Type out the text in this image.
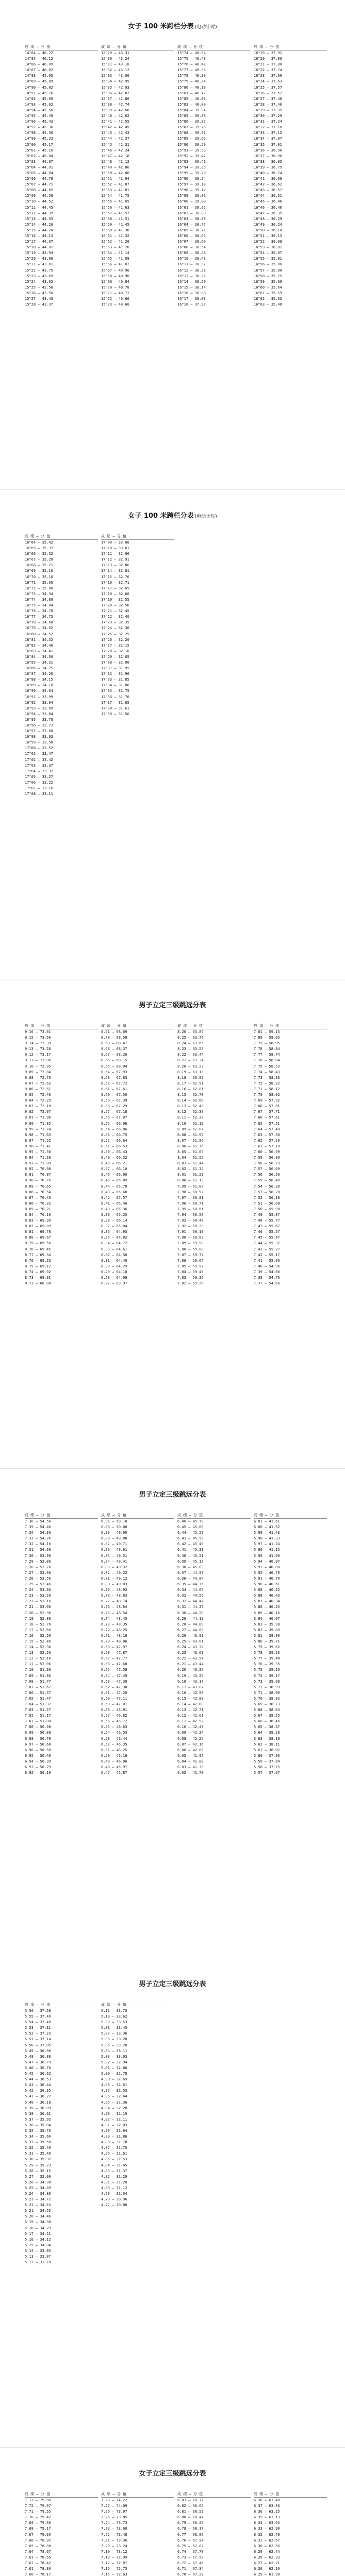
女子 100 米跨栏分表 (电动计时)
成 绩 — 分 值
14"84 — 46.22
14"85 — 46.15
14"86 — 46.09
14"87 — 46.02
14"88 — 45.95
14"89 — 45.89
14"90 — 45.82
14"91 — 45.76
14"92 — 45.69
14"93 — 45.62
14"94 — 45.56
14"95 — 45.49
14"96 — 45.43
14"97 — 45.36
14"98 — 45.30
14"99 — 45.23
15"00 — 45.17
15"01 — 45.10
15"02 — 45.04
15"03 — 44.97
15"04 — 44.91
15"05 — 44.84
15"06 — 44.78
15"07 — 44.71
15"08 — 44.65
15"09 — 44.58
15"10 — 44.52
15"11 — 44.45
15"12 — 44.39
15"13 — 44.33
15"14 — 44.26
15"15 — 44.20
15"16 — 44.13
15"17 — 44.07
15"18 — 44.01
15"19 — 43.94
15"20 — 43.88
15"21 — 43.81
15"22 — 43.75
15"23 — 43.69
15"24 — 43.62
15"25 — 43.56
15"26 — 43.50
15"27 — 43.43
15"28 — 43.37
成 绩 — 分 值
15"29 — 43.31
15"30 — 43.24
15"31 — 43.18
15"32 — 43.12
15"33 — 43.06
15"34 — 42.99
15"35 — 42.93
15"36 — 42.87
15"37 — 42.80
15"38 — 42.74
15"39 — 42.68
15"40 — 42.62
15"41 — 42.55
15"42 — 42.49
15"43 — 42.43
15"44 — 42.37
15"45 — 42.31
15"46 — 42.24
15"47 — 42.18
15"48 — 42.12
15"49 — 42.06
15"50 — 42.00
15"51 — 41.94
15"52 — 41.87
15"53 — 41.81
15"54 — 41.75
15"55 — 41.69
15"56 — 41.63
15"57 — 41.57
15"58 — 41.51
15"59 — 41.45
15"60 — 41.38
15"61 — 41.32
15"62 — 41.26
15"63 — 41.20
15"64 — 41.14
15"65 — 41.08
15"66 — 41.02
15"67 — 40.96
15"68 — 40.90
15"69 — 40.84
15"70 — 40.78
15"71 — 40.72
15"72 — 40.66
15"73 — 40.60
成 绩 — 分 值
15"74 — 40.54
15"75 — 40.48
15"76 — 40.42
15"77 — 40.36
15"78 — 40.30
15"79 — 40.24
15"80 — 40.18
15"81 — 40.12
15"82 — 40.06
15"83 — 40.00
15"84 — 39.94
15"85 — 39.88
15"86 — 39.82
15"87 — 39.76
15"88 — 39.71
15"89 — 39.65
15"90 — 39.59
15"91 — 39.53
15"92 — 39.47
15"93 — 39.41
15"94 — 39.35
15"95 — 39.29
15"96 — 39.24
15"97 — 39.18
15"98 — 39.12
15"99 — 39.06
16"00 — 39.00
16"01 — 38.95
16"02 — 38.89
16"03 — 38.83
16"04 — 38.77
16"05 — 38.71
16"06 — 38.66
16"07 — 38.60
16"08 — 38.54
16"09 — 38.48
16"10 — 38.43
16"11 — 38.37
16"12 — 38.31
16"13 — 38.25
16"14 — 38.20
16"15 — 38.14
16"16 — 38.08
16"17 — 38.03
16"18 — 37.97
成 绩 — 分 值
16"19 — 37.91
16"20 — 37.86
16"21 — 37.80
16"22 — 37.74
16"23 — 37.69
16"24 — 37.63
16"25 — 37.57
16"26 — 37.52
16"27 — 37.46
16"28 — 37.40
16"29 — 37.35
16"30 — 37.29
16"31 — 37.24
16"32 — 37.18
16"33 — 37.12
16"34 — 37.07
16"35 — 37.01
16"36 — 36.96
16"37 — 36.90
16"38 — 36.85
16"39 — 36.79
16"40 — 36.74
16"41 — 36.68
16"42 — 36.62
16"43 — 36.57
16"44 — 36.51
16"45 — 36.46
16"46 — 36.40
16"47 — 36.35
16"48 — 36.29
16"49 — 36.24
16"50 — 36.18
16"51 — 36.13
16"52 — 36.08
16"53 — 36.02
16"54 — 35.97
16"55 — 35.91
16"56 — 35.86
16"57 — 35.80
16"58 — 35.75
16"59 — 35.69
16"60 — 35.64
16"61 — 35.59
16"62 — 35.53
16"63 — 35.48
女子 100 米跨栏分表 (电动计时)
成 绩 — 分 值
16"64 — 35.42
16"65 — 35.37
16"66 — 35.32
16"67 — 35.26
16"68 — 35.21
16"69 — 35.16
16"70 — 35.10
16"71 — 35.05
16"72 — 35.00
16"73 — 34.94
16"74 — 34.89
16"75 — 34.84
16"76 — 34.78
16"77 — 34.73
16"78 — 34.68
16"79 — 34.62
16"80 — 34.57
16"81 — 34.52
16"82 — 34.46
16"83 — 34.41
16"84 — 34.36
16"85 — 34.31
16"86 — 34.25
16"87 — 34.20
16"88 — 34.15
16"89 — 34.10
16"90 — 34.04
16"91 — 33.99
16"92 — 33.94
16"93 — 33.89
16"94 — 33.84
16"95 — 33.78
16"96 — 33.73
16"97 — 33.68
16"98 — 33.63
16"99 — 33.58
17"00 — 33.52
17"01 — 33.47
17"02 — 33.42
17"03 — 33.37
17"04 — 33.32
17"05 — 33.27
17"06 — 33.22
17"07 — 33.16
17"08 — 33.11
成 绩 — 分 值
17"09 — 33.06
17"10 — 33.01
17"11 — 32.96
17"12 — 32.91
17"13 — 32.86
17"14 — 32.81
17"15 — 32.76
17"16 — 32.71
17"17 — 32.65
17"18 — 32.60
17"19 — 32.55
17"20 — 32.50
17"21 — 32.45
17"22 — 32.40
17"23 — 32.35
17"24 — 32.30
17"25 — 32.25
17"26 — 32.20
17"27 — 32.15
17"28 — 32.10
17"29 — 32.05
17"30 — 32.00
17"31 — 31.95
17"32 — 31.90
17"33 — 31.85
17"34 — 31.80
17"35 — 31.75
17"36 — 31.70
17"37 — 31.65
17"38 — 31.61
17"39 — 31.56
男子立定三级跳远分表
成 绩 — 分 值
9.16 — 73.61
9.15 — 73.50
9.14 — 73.39
9.13 — 73.28
9.12 — 73.17
9.11 — 73.06
9.10 — 72.95
9.09 — 72.84
9.08 — 72.73
9.07 — 72.62
9.06 — 72.51
9.05 — 72.40
9.04 — 72.29
9.03 — 72.18
9.02 — 72.07
9.01 — 71.96
9.00 — 71.85
8.99 — 71.74
8.98 — 71.63
8.97 — 71.52
8.96 — 71.41
8.95 — 71.30
8.94 — 71.20
8.93 — 71.09
8.92 — 70.98
8.91 — 70.87
8.90 — 70.76
8.89 — 70.65
8.88 — 70.54
8.87 — 70.43
8.86 — 70.32
8.85 — 70.21
8.84 — 70.10
8.83 — 69.99
8.82 — 69.89
8.81 — 69.78
8.80 — 69.67
8.79 — 69.56
8.78 — 69.45
8.77 — 69.34
8.76 — 69.23
8.75 — 69.12
8.74 — 69.02
8.73 — 68.91
8.72 — 68.80
成 绩 — 分 值
8.71 — 68.69
8.70 — 68.58
8.69 — 68.47
8.68 — 68.37
8.67 — 68.26
8.66 — 68.15
8.65 — 68.04
8.64 — 67.93
8.63 — 67.83
8.62 — 67.72
8.61 — 67.61
8.60 — 67.50
8.59 — 67.39
8.58 — 67.29
8.57 — 67.18
8.56 — 67.07
8.55 — 66.96
8.54 — 66.86
8.53 — 66.75
8.52 — 66.64
8.51 — 66.53
8.50 — 66.43
8.49 — 66.32
8.48 — 66.21
8.47 — 66.10
8.46 — 66.00
8.45 — 65.89
8.44 — 65.78
8.43 — 65.68
8.42 — 65.57
8.41 — 65.46
8.40 — 65.36
8.39 — 65.25
8.38 — 65.14
8.37 — 65.04
8.36 — 64.93
8.35 — 64.82
8.34 — 64.72
8.33 — 64.61
8.32 — 64.50
8.31 — 64.40
8.30 — 64.29
8.29 — 64.18
8.28 — 64.08
8.27 — 63.97
成 绩 — 分 值
8.26 — 63.87
8.25 — 63.76
8.24 — 63.65
8.23 — 63.55
8.22 — 63.44
8.21 — 63.34
8.20 — 63.23
8.19 — 63.13
8.18 — 63.02
8.17 — 62.91
8.16 — 62.81
8.15 — 62.70
8.14 — 62.60
8.13 — 62.49
8.12 — 62.39
8.11 — 62.28
8.10 — 62.18
8.09 — 62.07
8.08 — 61.97
8.07 — 61.86
8.06 — 61.76
8.05 — 61.65
8.04 — 61.55
8.03 — 61.44
8.02 — 61.34
8.01 — 61.23
8.00 — 61.13
7.99 — 61.02
7.98 — 60.92
7.97 — 60.81
7.96 — 60.71
7.95 — 60.61
7.94 — 60.50
7.93 — 60.40
7.92 — 60.29
7.91 — 60.19
7.90 — 60.09
7.89 — 59.98
7.88 — 59.88
7.87 — 59.77
7.86 — 59.67
7.85 — 59.57
7.84 — 59.46
7.83 — 59.36
7.82 — 59.26
成 绩 — 分 值
7.81 — 59.15
7.80 — 59.05
7.79 — 58.95
7.78 — 58.84
7.77 — 58.74
7.76 — 58.64
7.75 — 58.53
7.74 — 58.43
7.73 — 58.33
7.72 — 58.22
7.71 — 58.12
7.70 — 58.02
7.69 — 57.92
7.68 — 57.81
7.67 — 57.71
7.66 — 57.61
7.65 — 57.51
7.64 — 57.40
7.63 — 57.30
7.62 — 57.20
7.61 — 57.10
7.60 — 56.99
7.59 — 56.89
7.58 — 56.79
7.57 — 56.69
7.56 — 56.59
7.55 — 56.48
7.54 — 56.38
7.53 — 56.28
7.52 — 56.18
7.51 — 56.08
7.50 — 55.98
7.49 — 55.87
7.48 — 55.77
7.47 — 55.67
7.46 — 55.57
7.45 — 55.47
7.44 — 55.37
7.43 — 55.27
7.42 — 55.17
7.41 — 55.06
7.40 — 54.96
7.39 — 54.86
7.38 — 54.76
7.37 — 54.66
男子立定三级跳远分表
成 绩 — 分 值
7.36 — 54.56
7.35 — 54.46
7.34 — 54.36
7.33 — 54.26
7.32 — 54.16
7.31 — 54.06
7.30 — 53.96
7.29 — 53.86
7.28 — 53.76
7.27 — 53.66
7.26 — 53.56
7.25 — 53.46
7.24 — 53.36
7.23 — 53.26
7.22 — 53.16
7.21 — 53.06
7.20 — 52.96
7.19 — 52.86
7.18 — 52.76
7.17 — 52.66
7.16 — 52.56
7.15 — 52.46
7.14 — 52.36
7.13 — 52.26
7.12 — 52.16
7.11 — 52.06
7.10 — 51.96
7.09 — 51.86
7.08 — 51.77
7.07 — 51.67
7.06 — 51.57
7.05 — 51.47
7.04 — 51.37
7.03 — 51.27
7.02 — 51.17
7.01 — 51.08
7.00 — 50.98
6.99 — 50.88
6.98 — 50.78
6.97 — 50.68
6.96 — 50.58
6.95 — 50.49
6.94 — 50.39
6.93 — 50.29
6.92 — 50.19
成 绩 — 分 值
6.91 — 50.10
6.90 — 50.00
6.89 — 49.90
6.88 — 49.80
6.87 — 49.71
6.86 — 49.61
6.85 — 49.51
6.84 — 49.41
6.83 — 49.32
6.82 — 49.22
6.81 — 49.12
6.80 — 49.03
6.79 — 48.93
6.78 — 48.83
6.77 — 48.74
6.76 — 48.64
6.75 — 48.54
6.74 — 48.45
6.73 — 48.35
6.72 — 48.25
6.71 — 48.16
6.70 — 48.06
6.69 — 47.97
6.68 — 47.87
6.67 — 47.77
6.66 — 47.68
6.65 — 47.58
6.64 — 47.49
6.63 — 47.39
6.62 — 47.30
6.61 — 47.20
6.60 — 47.11
6.59 — 47.01
6.58 — 46.91
6.57 — 46.82
6.56 — 46.72
6.55 — 46.63
6.54 — 46.53
6.53 — 46.44
6.52 — 46.35
6.51 — 46.25
6.50 — 46.16
6.49 — 46.06
6.48 — 45.97
6.47 — 45.87
成 绩 — 分 值
6.46 — 45.78
6.45 — 45.68
6.44 — 45.59
6.43 — 45.50
6.42 — 45.40
6.41 — 45.31
6.40 — 45.21
6.39 — 45.12
6.38 — 45.03
6.37 — 44.93
6.36 — 44.84
6.35 — 44.75
6.34 — 44.65
6.33 — 44.56
6.32 — 44.47
6.31 — 44.37
6.30 — 44.28
6.29 — 44.19
6.28 — 44.09
6.27 — 44.00
6.26 — 43.91
6.25 — 43.81
6.24 — 43.72
6.23 — 43.63
6.22 — 43.54
6.21 — 43.44
6.20 — 43.35
6.19 — 43.26
6.18 — 43.17
6.17 — 43.07
6.16 — 42.98
6.15 — 42.89
6.14 — 42.80
6.13 — 42.71
6.12 — 42.61
6.11 — 42.52
6.10 — 42.43
6.09 — 42.34
6.08 — 42.25
6.07 — 42.16
6.06 — 42.06
6.05 — 41.97
6.04 — 41.88
6.03 — 41.79
6.02 — 41.70
成 绩 — 分 值
6.01 — 41.61
6.00 — 41.52
5.99 — 41.43
5.98 — 41.33
5.97 — 41.24
5.96 — 41.15
5.95 — 41.06
5.94 — 40.97
5.93 — 40.88
5.92 — 40.79
5.91 — 40.70
5.90 — 40.61
5.89 — 40.52
5.88 — 40.43
5.87 — 40.34
5.86 — 40.25
5.85 — 40.16
5.84 — 40.07
5.83 — 39.98
5.82 — 39.89
5.81 — 39.80
5.80 — 39.71
5.79 — 39.62
5.78 — 39.53
5.77 — 39.44
5.76 — 39.35
5.75 — 39.26
5.74 — 39.17
5.73 — 39.08
5.72 — 38.99
5.71 — 38.90
5.70 — 38.82
5.69 — 38.73
5.68 — 38.64
5.67 — 38.55
5.66 — 38.46
5.65 — 38.37
5.64 — 38.28
5.63 — 38.19
5.62 — 38.11
5.61 — 38.02
5.60 — 37.93
5.59 — 37.84
5.58 — 37.75
5.57 — 37.67
男子立定三级跳远分表
成 绩 — 分 值
5.56 — 37.58
5.55 — 37.49
5.54 — 37.40
5.53 — 37.31
5.52 — 37.23
5.51 — 37.14
5.50 — 37.05
5.49 — 36.96
5.48 — 36.88
5.47 — 36.79
5.46 — 36.70
5.45 — 36.62
5.44 — 36.53
5.43 — 36.44
5.42 — 36.35
5.41 — 36.27
5.40 — 36.18
5.39 — 36.09
5.38 — 36.01
5.37 — 35.92
5.36 — 35.84
5.35 — 35.75
5.34 — 35.66
5.33 — 35.58
5.32 — 35.49
5.31 — 35.40
5.30 — 35.32
5.29 — 35.23
5.28 — 35.15
5.27 — 35.06
5.26 — 34.98
5.25 — 34.89
5.24 — 34.80
5.23 — 34.72
5.22 — 34.63
5.21 — 34.55
5.20 — 34.46
5.19 — 34.38
5.18 — 34.29
5.17 — 34.21
5.16 — 34.12
5.15 — 34.04
5.14 — 33.95
5.13 — 33.87
5.12 — 33.78
成 绩 — 分 值
5.11 — 33.70
5.10 — 33.62
5.09 — 33.53
5.08 — 33.45
5.07 — 33.36
5.06 — 33.28
5.05 — 33.20
5.04 — 33.11
5.03 — 33.03
5.02 — 32.94
5.01 — 32.86
5.00 — 32.78
4.99 — 32.69
4.98 — 32.61
4.97 — 32.53
4.96 — 32.44
4.95 — 32.36
4.94 — 32.28
4.93 — 32.19
4.92 — 32.11
4.91 — 32.03
4.90 — 31.94
4.89 — 31.86
4.88 — 31.78
4.87 — 31.70
4.86 — 31.61
4.85 — 31.53
4.84 — 31.45
4.83 — 31.37
4.82 — 31.29
4.81 — 31.20
4.80 — 31.12
4.79 — 31.04
4.78 — 30.96
4.77 — 30.88
女子立定三级跳远分表
成 绩 — 分 值
7.73 — 79.80
7.72 — 79.67
7.71 — 79.55
7.70 — 79.42
7.69 — 79.30
7.68 — 79.17
7.67 — 79.05
7.66 — 78.92
7.65 — 78.80
7.64 — 78.67
7.63 — 78.55
7.62 — 78.42
7.61 — 78.30
7.60 — 78.17
成 绩 — 分 值
7.28 — 74.22
7.27 — 74.09
7.26 — 73.97
7.25 — 73.85
7.24 — 73.73
7.23 — 73.60
7.22 — 73.48
7.21 — 73.36
7.20 — 73.24
7.19 — 73.12
7.18 — 72.99
7.17 — 72.87
7.16 — 72.75
7.15 — 72.63
成 绩 — 分 值
6.83 — 68.77
6.82 — 68.65
6.81 — 68.53
6.80 — 68.41
6.79 — 68.29
6.78 — 68.17
6.77 — 68.06
6.76 — 67.94
6.75 — 67.82
6.74 — 67.70
6.73 — 67.58
6.72 — 67.46
6.71 — 67.34
6.70 — 67.22
成 绩 — 分 值
6.38 — 63.48
6.37 — 63.36
6.36 — 63.25
6.35 — 63.13
6.34 — 63.02
6.33 — 62.90
6.32 — 62.79
6.31 — 62.67
6.30 — 62.56
6.29 — 62.44
6.28 — 62.33
6.27 — 62.21
6.26 — 62.10
6.25 — 61.98
